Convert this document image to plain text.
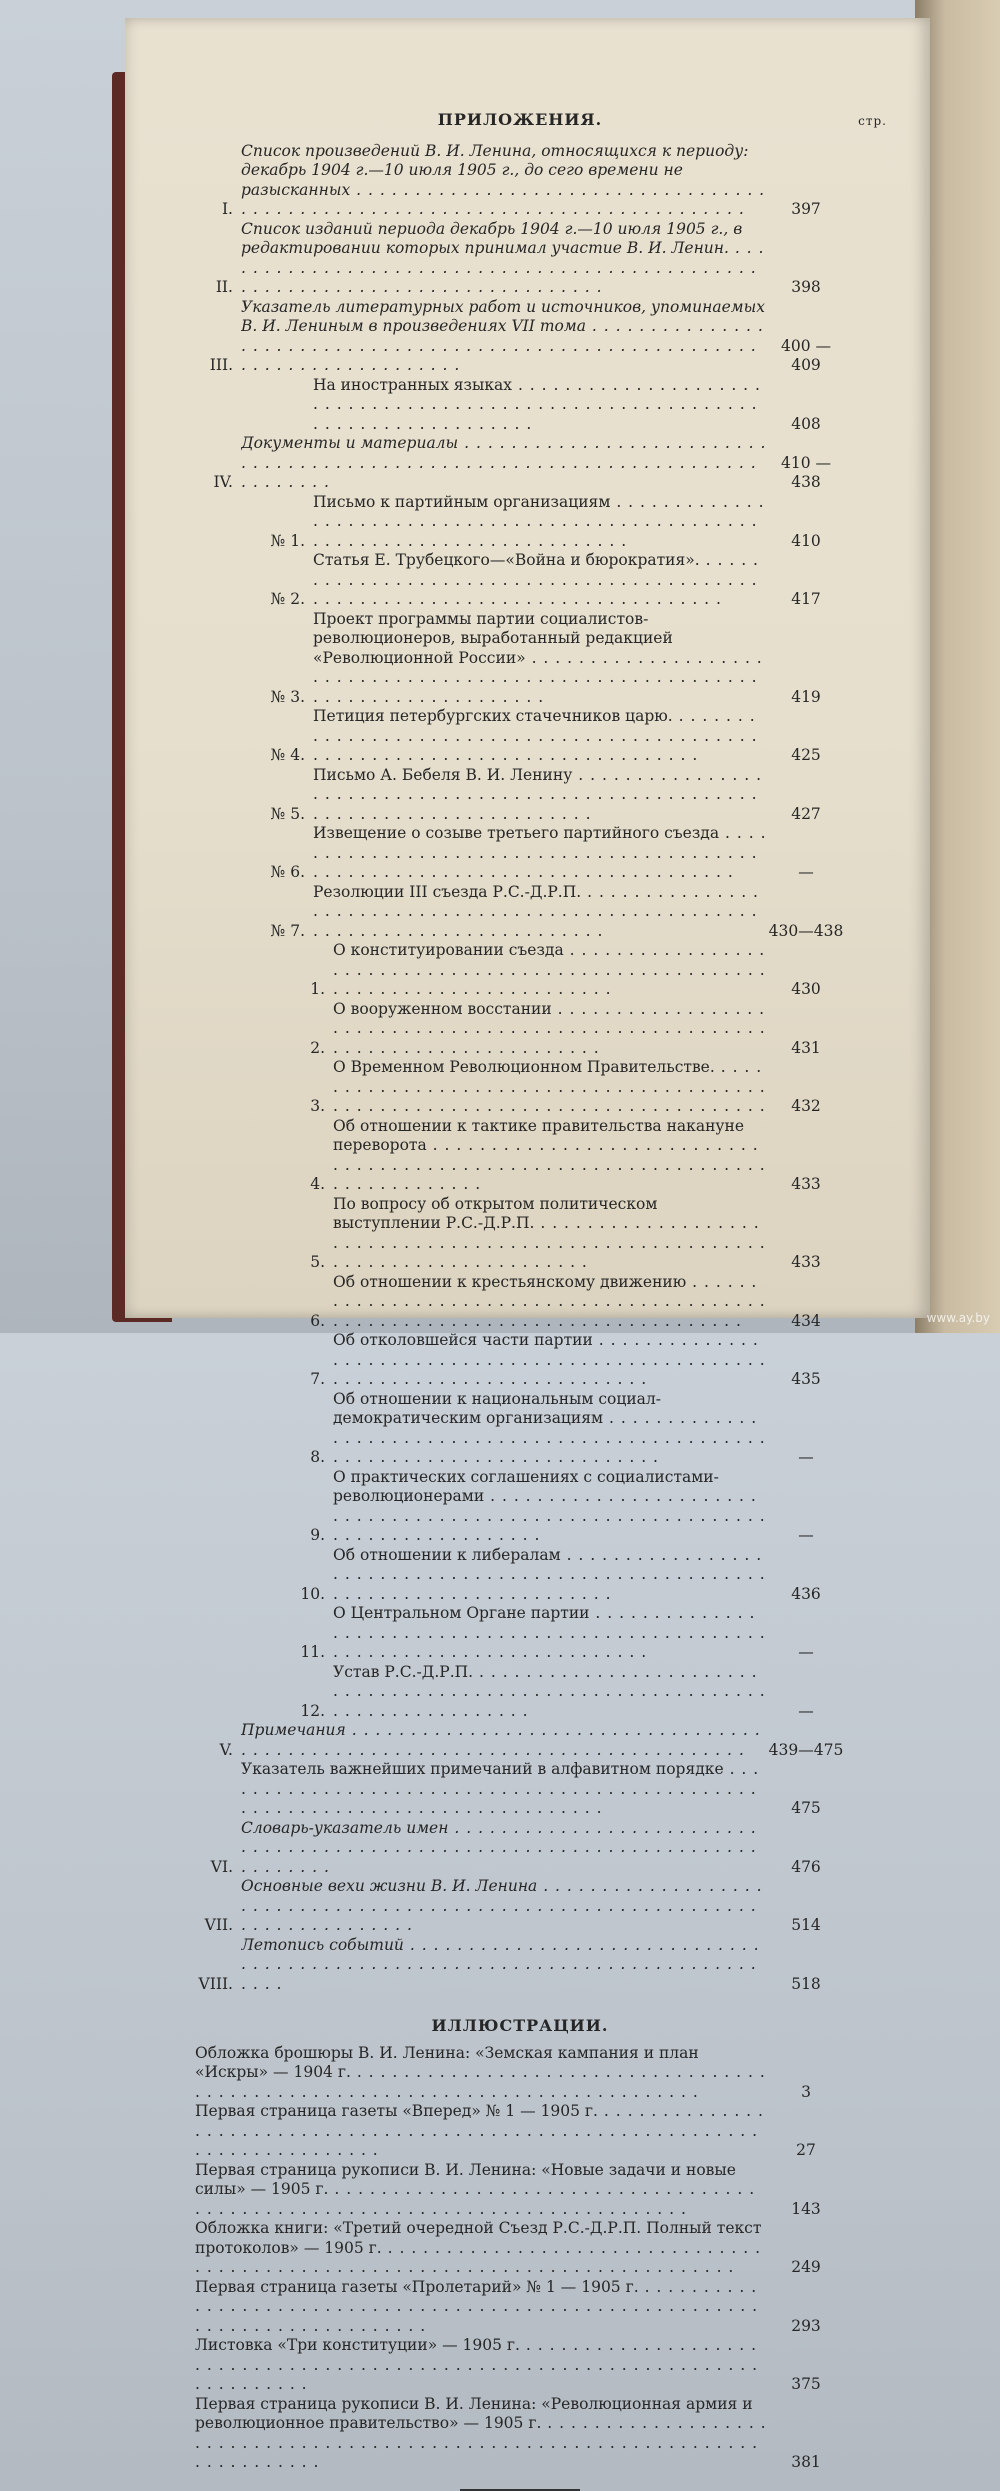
ПРИЛОЖЕНИЯ.	стр.
I.
Список произведений В. И. Ленина, относящихся к периоду: декабрь 1904 г.—10 июля 1905 г., до сего времени не разысканных . . .
397
II.
Список изданий периода декабрь 1904 г.—10 июля 1905 г., в редактировании которых принимал участие В. И. Ленин. . . .
398
III.
Указатель литературных работ и источников, упоминаемых В. И. Лениным в произведениях VII тома . . .
400 — 409
На иностранных языках . . .
408
IV.
Документы и материалы . . .
410 — 438
№ 1.
Письмо к партийным организациям . . .
410
№ 2.
Статья Е. Трубецкого—«Война и бюрократия». . . .
417
№ 3.
Проект программы партии социалистов-революционеров, выработанный редакцией «Революционной России» . . .
419
№ 4.
Петиция петербургских стачечников царю. . . .
425
№ 5.
Письмо А. Бебеля В. И. Ленину . . .
427
№ 6.
Извещение о созыве третьего партийного съезда . . .
—
№ 7.
Резолюции III съезда Р.С.-Д.Р.П. . . .
430—438
1.
О конституировании съезда . . .
430
2.
О вооруженном восстании . . .
431
3.
О Временном Революционном Правительстве. . . .
432
4.
Об отношении к тактике правительства накануне переворота . . .
433
5.
По вопросу об открытом политическом выступлении Р.С.-Д.Р.П. . . .
433
6.
Об отношении к крестьянскому движению . . .
434
7.
Об отколовшейся части партии . . .
435
8.
Об отношении к национальным социал-демократическим организациям . . .
—
9.
О практических соглашениях с социалистами-революционерами . . .
—
10.
Об отношении к либералам . . .
436
11.
О Центральном Органе партии . . .
—
12.
Устав Р.С.-Д.Р.П. . . .
—
V.
Примечания . . .
439—475
Указатель важнейших примечаний в алфавитном порядке . . .
475
VI.
Словарь-указатель имен . . .
476
VII.
Основные вехи жизни В. И. Ленина . . .
514
VIII.
Летопись событий . . .
518
ИЛЛЮСТРАЦИИ.
Обложка брошюры В. И. Ленина: «Земская кампания и план «Искры» — 1904 г. . . .
3
Первая страница газеты «Вперед» № 1 — 1905 г. . . .
27
Первая страница рукописи В. И. Ленина: «Новые задачи и новые силы» — 1905 г. . . .
143
Обложка книги: «Третий очередной Съезд Р.С.-Д.Р.П. Полный текст протоколов» — 1905 г. . . .
249
Первая страница газеты «Пролетарий» № 1 — 1905 г. . . .
293
Листовка «Три конституции» — 1905 г. . . .
375
Первая страница рукописи В. И. Ленина: «Революционная армия и революционное правительство» — 1905 г. . . .
381
www.ay.by
